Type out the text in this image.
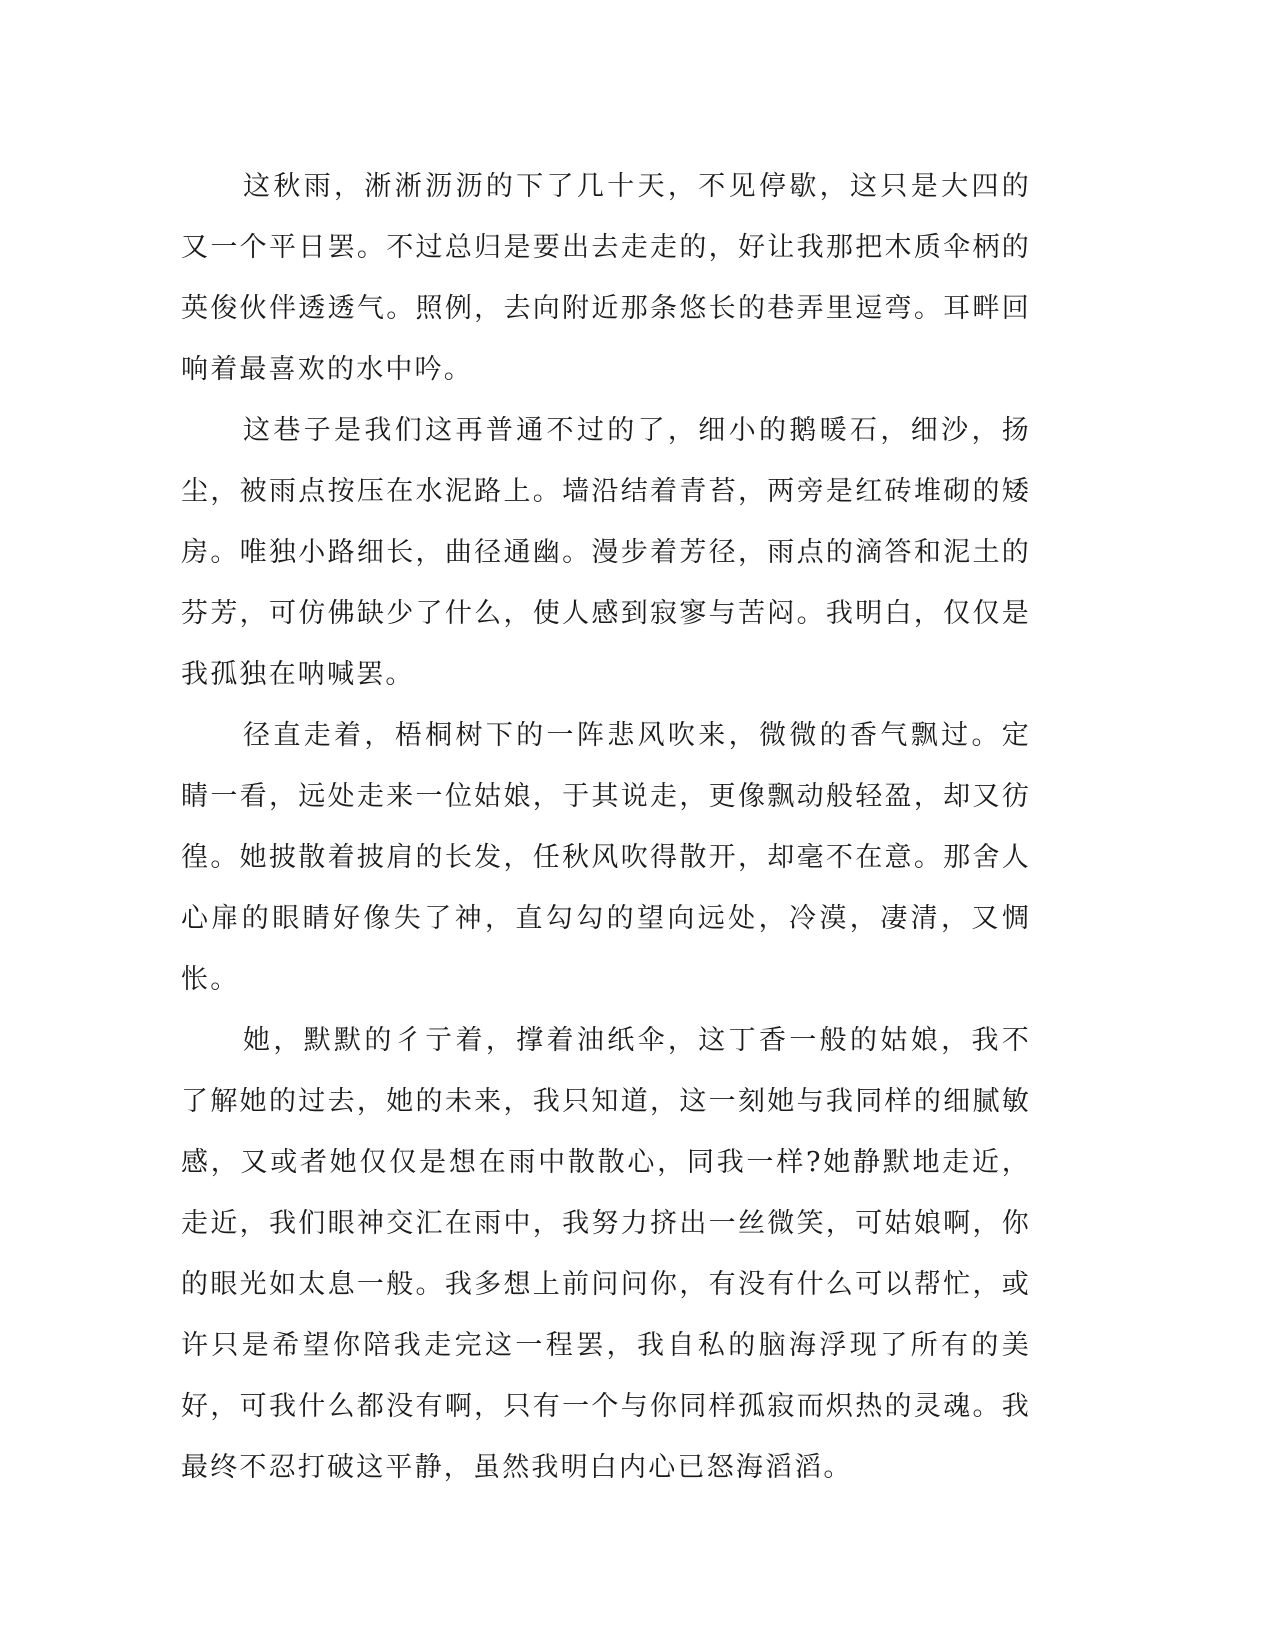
这秋雨，淅淅沥沥的下了几十天，不见停歇，这只是大四的又一个平日罢。不过总归是要出去走走的，好让我那把木质伞柄的英俊伙伴透透气。照例，去向附近那条悠长的巷弄里逗弯。耳畔回响着最喜欢的水中吟。

这巷子是我们这再普通不过的了，细小的鹅暖石，细沙，扬尘，被雨点按压在水泥路上。墙沿结着青苔，两旁是红砖堆砌的矮房。唯独小路细长，曲径通幽。漫步着芳径，雨点的滴答和泥土的芬芳，可仿佛缺少了什么，使人感到寂寥与苦闷。我明白，仅仅是我孤独在呐喊罢。

径直走着，梧桐树下的一阵悲风吹来，微微的香气飘过。定睛一看，远处走来一位姑娘，于其说走，更像飘动般轻盈，却又彷徨。她披散着披肩的长发，任秋风吹得散开，却毫不在意。那舍人心扉的眼睛好像失了神，直勾勾的望向远处，冷漠，凄清，又惆怅。

她，默默的彳亍着，撑着油纸伞，这丁香一般的姑娘，我不了解她的过去，她的未来，我只知道，这一刻她与我同样的细腻敏感，又或者她仅仅是想在雨中散散心，同我一样?她静默地走近，走近，我们眼神交汇在雨中，我努力挤出一丝微笑，可姑娘啊，你的眼光如太息一般。我多想上前问问你，有没有什么可以帮忙，或许只是希望你陪我走完这一程罢，我自私的脑海浮现了所有的美好，可我什么都没有啊，只有一个与你同样孤寂而炽热的灵魂。我最终不忍打破这平静，虽然我明白内心已怒海滔滔。
